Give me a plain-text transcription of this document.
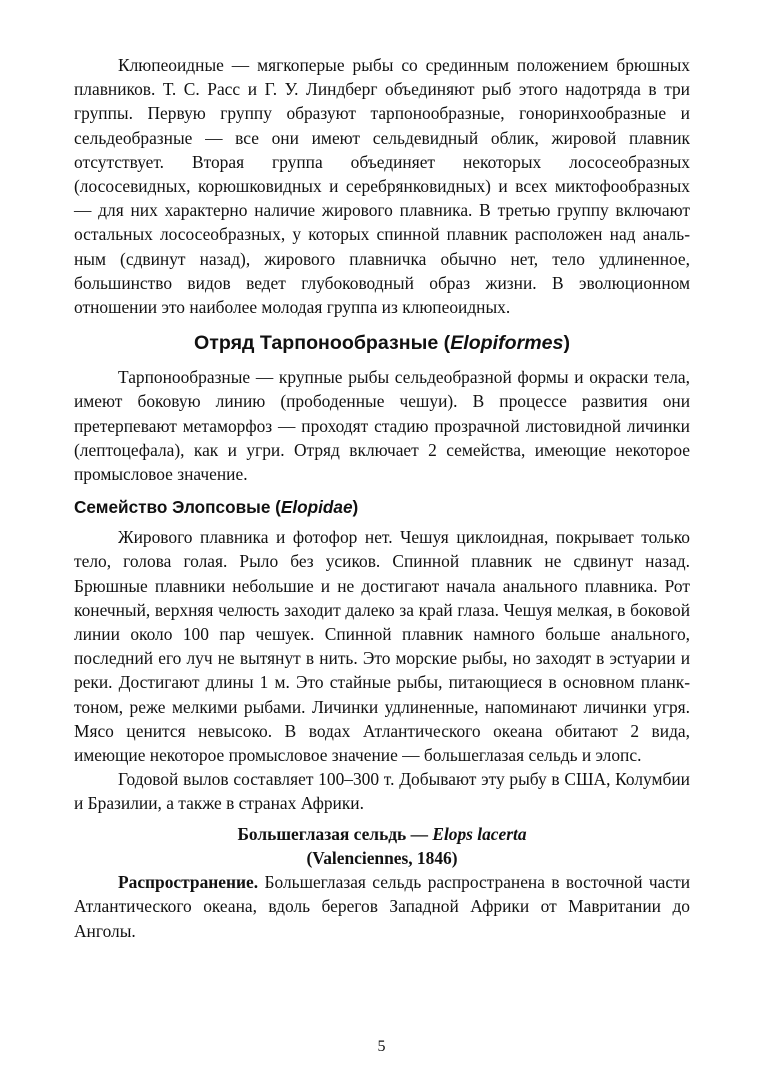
Клюпеоидные — мягкоперые рыбы со срединным положением брюшных плавников. Т. С. Расс и Г. У. Линдберг объединяют рыб этого надотряда в три группы. Первую группу образуют тарпонообразные, гоноринхообразные и сельдеобразные — все они имеют сельдевидный облик, жировой плавник отсутствует. Вторая группа объединяет некоторых лососеобразных (лососевидных, корюшковидных и серебрянковидных) и всех миктофообразных — для них характерно наличие жирового плавника. В третью группу включают остальных лососеобразных, у которых спинной плавник расположен над анальным (сдвинут назад), жирового плавничка обычно нет, тело удлиненное, большинство видов ведет глубоководный образ жизни. В эволюционном отношении это наиболее молодая группа из клюпеоидных.

Отряд Тарпонообразные (Elopiformes)

Тарпонообразные — крупные рыбы сельдеобразной формы и окраски тела, имеют боковую линию (прободенные чешуи). В процессе развития они претерпевают метаморфоз — проходят стадию прозрачной листовидной личинки (лептоцефала), как и угри. Отряд включает 2 семейства, имеющие некоторое промысловое значение.

Семейство Элопсовые (Elopidae)

Жирового плавника и фотофор нет. Чешуя циклоидная, покрывает только тело, голова голая. Рыло без усиков. Спинной плавник не сдвинут назад. Брюшные плавники небольшие и не достигают начала анального плавника. Рот конечный, верхняя челюсть заходит далеко за край глаза. Чешуя мелкая, в боковой линии около 100 пар чешуек. Спинной плавник намного больше анального, последний его луч не вытянут в нить. Это морские рыбы, но заходят в эстуарии и реки. Достигают длины 1 м. Это стайные рыбы, питающиеся в основном планктоном, реже мелкими рыбами. Личинки удлиненные, напоминают личинки угря. Мясо ценится невысоко. В водах Атлантического океана обитают 2 вида, имеющие некоторое промысловое значение — большеглазая сельдь и элопс.

Годовой вылов составляет 100–300 т. Добывают эту рыбу в США, Колумбии и Бразилии, а также в странах Африки.

Большеглазая сельдь — Elops lacerta
(Valenciennes, 1846)

Распространение. Большеглазая сельдь распространена в восточной части Атлантического океана, вдоль берегов Западной Африки от Мавритании до Анголы.

5
